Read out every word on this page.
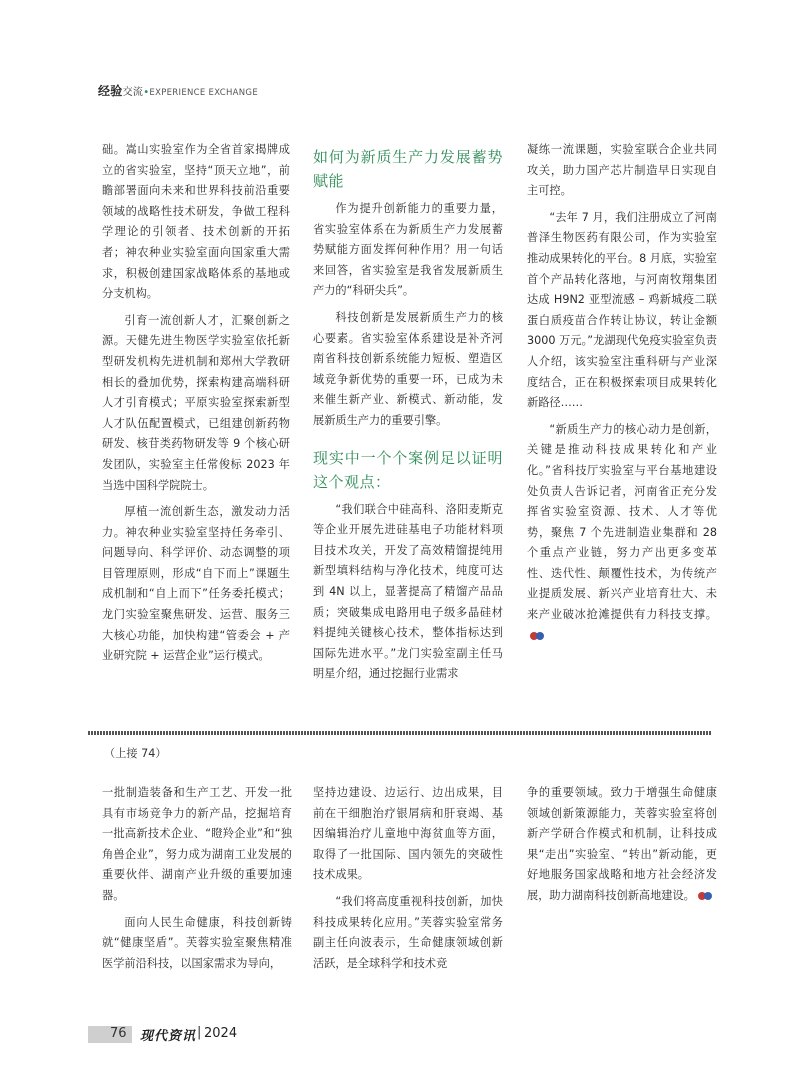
经验交流•EXPERIENCE EXCHANGE

础。嵩山实验室作为全省首家揭牌成立的省实验室，坚持“顶天立地”，前瞻部署面向未来和世界科技前沿重要领域的战略性技术研发，争做工程科学理论的引领者、技术创新的开拓者；神农种业实验室面向国家重大需求，积极创建国家战略体系的基地或分支机构。

引育一流创新人才，汇聚创新之源。天健先进生物医学实验室依托新型研发机构先进机制和郑州大学教研相长的叠加优势，探索构建高端科研人才引育模式；平原实验室探索新型人才队伍配置模式，已组建创新药物研发、核苷类药物研发等 9 个核心研发团队，实验室主任常俊标 2023 年当选中国科学院院士。

厚植一流创新生态，激发动力活力。神农种业实验室坚持任务牵引、问题导向、科学评价、动态调整的项目管理原则，形成“自下而上”课题生成机制和“自上而下”任务委托模式；龙门实验室聚焦研发、运营、服务三大核心功能，加快构建“管委会 + 产业研究院 + 运营企业”运行模式。

如何为新质生产力发展蓄势赋能

作为提升创新能力的重要力量，省实验室体系在为新质生产力发展蓄势赋能方面发挥何种作用？用一句话来回答，省实验室是我省发展新质生产力的“科研尖兵”。

科技创新是发展新质生产力的核心要素。省实验室体系建设是补齐河南省科技创新系统能力短板、塑造区域竞争新优势的重要一环，已成为未来催生新产业、新模式、新动能，发展新质生产力的重要引擎。

现实中一个个案例足以证明这个观点：

“我们联合中硅高科、洛阳麦斯克等企业开展先进硅基电子功能材料项目技术攻关，开发了高效精馏提纯用新型填料结构与净化技术，纯度可达到 4N 以上，显著提高了精馏产品品质；突破集成电路用电子级多晶硅材料提纯关键核心技术，整体指标达到国际先进水平。”龙门实验室副主任马明星介绍，通过挖掘行业需求

凝练一流课题，实验室联合企业共同攻关，助力国产芯片制造早日实现自主可控。

“去年 7 月，我们注册成立了河南普泽生物医药有限公司，作为实验室推动成果转化的平台。8 月底，实验室首个产品转化落地，与河南牧翔集团达成 H9N2 亚型流感 – 鸡新城疫二联蛋白质疫苗合作转让协议，转让金额 3000 万元。”龙湖现代免疫实验室负责人介绍，该实验室注重科研与产业深度结合，正在积极探索项目成果转化新路径……

“新质生产力的核心动力是创新，关键是推动科技成果转化和产业化。”省科技厅实验室与平台基地建设处负责人告诉记者，河南省正充分发挥省实验室资源、技术、人才等优势，聚焦 7 个先进制造业集群和 28 个重点产业链，努力产出更多变革性、迭代性、颠覆性技术，为传统产业提质发展、新兴产业培育壮大、未来产业破冰抢滩提供有力科技支撑。

（上接 74）

一批制造装备和生产工艺、开发一批具有市场竞争力的新产品，挖掘培育一批高新技术企业、“瞪羚企业”和“独角兽企业”，努力成为湖南工业发展的重要伙伴、湖南产业升级的重要加速器。

面向人民生命健康，科技创新铸就“健康坚盾”。芙蓉实验室聚焦精准医学前沿科技，以国家需求为导向，

坚持边建设、边运行、边出成果，目前在干细胞治疗银屑病和肝衰竭、基因编辑治疗儿童地中海贫血等方面，取得了一批国际、国内领先的突破性技术成果。

“我们将高度重视科技创新，加快科技成果转化应用。”芙蓉实验室常务副主任向波表示，生命健康领域创新活跃，是全球科学和技术竞

争的重要领域。致力于增强生命健康领域创新策源能力，芙蓉实验室将创新产学研合作模式和机制，让科技成果“走出”实验室、“转出”新动能，更好地服务国家战略和地方社会经济发展，助力湖南科技创新高地建设。

76 现代资讯 | 2024
